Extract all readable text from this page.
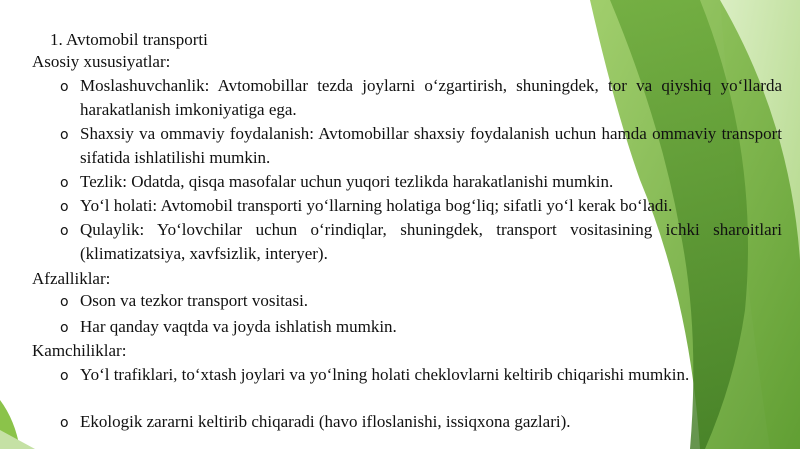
1. Avtomobil transporti
Asosiy xususiyatlar:
o Moslashuvchanlik: Avtomobillar tezda joylarni o‘zgartirish, shuningdek, tor va qiyshiq yo‘llarda harakatlanish imkoniyatiga ega.
o Shaxsiy va ommaviy foydalanish: Avtomobillar shaxsiy foydalanish uchun hamda ommaviy transport sifatida ishlatilishi mumkin.
o Tezlik: Odatda, qisqa masofalar uchun yuqori tezlikda harakatlanishi mumkin.
o Yo‘l holati: Avtomobil transporti yo‘llarning holatiga bog‘liq; sifatli yo‘l kerak bo‘ladi.
o Qulaylik: Yo‘lovchilar uchun o‘rindiqlar, shuningdek, transport vositasining ichki sharoitlari (klimatizatsiya, xavfsizlik, interyer).
Afzalliklar:
o Oson va tezkor transport vositasi.
o Har qanday vaqtda va joyda ishlatish mumkin.
Kamchiliklar:
o Yo‘l trafiklari, to‘xtash joylari va yo‘lning holati cheklovlarni keltirib chiqarishi mumkin.
o Ekologik zararni keltirib chiqaradi (havo ifloslanishi, issiqxona gazlari).
